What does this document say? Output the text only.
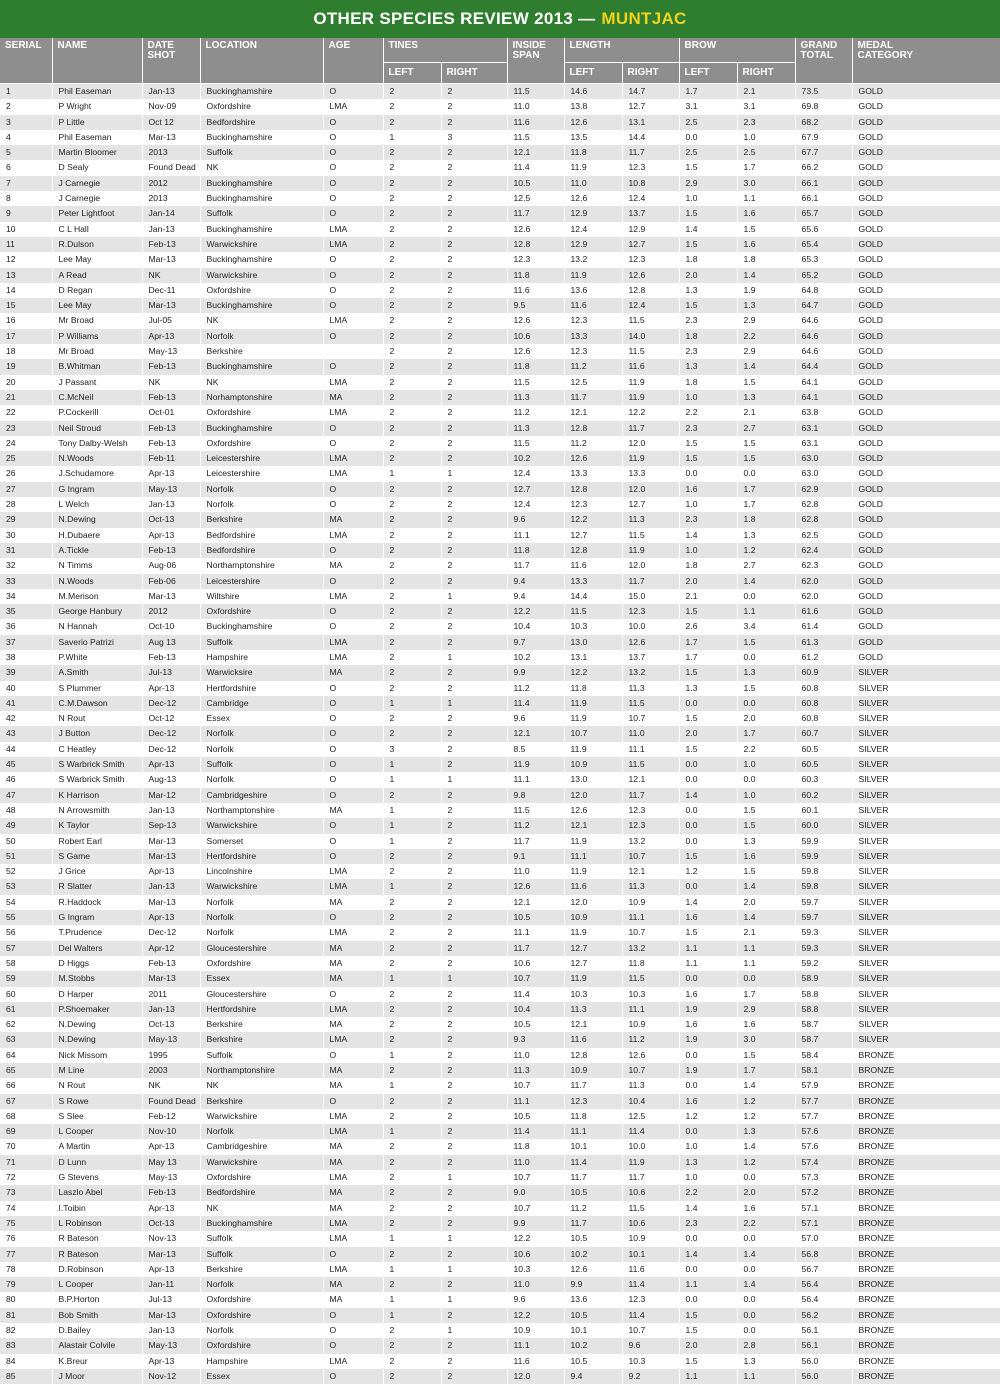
OTHER SPECIES REVIEW 2013 — MUNTJAC
SERIAL	NAME	DATE
SHOT	LOCATION	AGE	TINES		INSIDE
SPAN	LENGTH		BROW		GRAND
TOTAL	MEDAL
CATEGORY
					LEFT	RIGHT		LEFT	RIGHT	LEFT	RIGHT		
1	Phil Easeman	Jan-13	Buckinghamshire	O	2	2	11.5	14.6	14.7	1.7	2.1	73.5	GOLD
2	P Wright	Nov-09	Oxfordshire	LMA	2	2	11.0	13.8	12.7	3.1	3.1	69.8	GOLD
3	P Little	Oct 12	Bedfordshire	O	2	2	11.6	12.6	13.1	2.5	2.3	68.2	GOLD
4	Phil Easeman	Mar-13	Buckinghamshire	O	1	3	11.5	13.5	14.4	0.0	1.0	67.9	GOLD
5	Martin Bloomer	2013	Suffolk	O	2	2	12.1	11.8	11.7	2.5	2.5	67.7	GOLD
6	D Sealy	Found Dead	NK	O	2	2	11.4	11.9	12.3	1.5	1.7	66.2	GOLD
7	J Carnegie	2012	Buckinghamshire	O	2	2	10.5	11.0	10.8	2.9	3.0	66.1	GOLD
8	J Carnegie	2013	Buckinghamshire	O	2	2	12.5	12.6	12.4	1.0	1.1	66.1	GOLD
9	Peter Lightfoot	Jan-14	Suffolk	O	2	2	11.7	12.9	13.7	1.5	1.6	65.7	GOLD
10	C L Hall	Jan-13	Buckinghamshire	LMA	2	2	12.6	12.4	12.9	1.4	1.5	65.6	GOLD
11	R.Dulson	Feb-13	Warwickshire	LMA	2	2	12.8	12.9	12.7	1.5	1.6	65.4	GOLD
12	Lee May	Mar-13	Buckinghamshire	O	2	2	12.3	13.2	12.3	1.8	1.8	65.3	GOLD
13	A Read	NK	Warwickshire	O	2	2	11.8	11.9	12.6	2.0	1.4	65.2	GOLD
14	D Regan	Dec-11	Oxfordshire	O	2	2	11.6	13.6	12.8	1.3	1.9	64.8	GOLD
15	Lee May	Mar-13	Buckinghamshire	O	2	2	9.5	11.6	12.4	1.5	1.3	64.7	GOLD
16	Mr Broad	Jul-05	NK	LMA	2	2	12.6	12.3	11.5	2.3	2.9	64.6	GOLD
17	P Williams	Apr-13	Norfolk	O	2	2	10.6	13.3	14.0	1.8	2.2	64.6	GOLD
18	Mr Broad	May-13	Berkshire		2	2	12.6	12.3	11.5	2.3	2.9	64.6	GOLD
19	B.Whitman	Feb-13	Buckinghamshire	O	2	2	11.8	11.2	11.6	1.3	1.4	64.4	GOLD
20	J Passant	NK	NK	LMA	2	2	11.5	12.5	11.9	1.8	1.5	64.1	GOLD
21	C.McNeil	Feb-13	Norhamptonshire	MA	2	2	11.3	11.7	11.9	1.0	1.3	64.1	GOLD
22	P.Cockerill	Oct-01	Oxfordshire	LMA	2	2	11.2	12.1	12.2	2.2	2.1	63.8	GOLD
23	Neil Stroud	Feb-13	Buckinghamshire	O	2	2	11.3	12.8	11.7	2.3	2.7	63.1	GOLD
24	Tony Dalby-Welsh	Feb-13	Oxfordshire	O	2	2	11.5	11.2	12.0	1.5	1.5	63.1	GOLD
25	N.Woods	Feb-11	Leicestershire	LMA	2	2	10.2	12.6	11.9	1.5	1.5	63.0	GOLD
26	J.Schudamore	Apr-13	Leicestershire	LMA	1	1	12.4	13.3	13.3	0.0	0.0	63.0	GOLD
27	G Ingram	May-13	Norfolk	O	2	2	12.7	12.8	12.0	1.6	1.7	62.9	GOLD
28	L Welch	Jan-13	Norfolk	O	2	2	12.4	12.3	12.7	1.0	1.7	62.8	GOLD
29	N.Dewing	Oct-13	Berkshire	MA	2	2	9.6	12.2	11.3	2.3	1.8	62.8	GOLD
30	H.Dubaere	Apr-13	Bedfordshire	LMA	2	2	11.1	12.7	11.5	1.4	1.3	62.5	GOLD
31	A.Tickle	Feb-13	Bedfordshire	O	2	2	11.8	12.8	11.9	1.0	1.2	62.4	GOLD
32	N Timms	Aug-06	Northamptonshire	MA	2	2	11.7	11.6	12.0	1.8	2.7	62.3	GOLD
33	N.Woods	Feb-06	Leicestershire	O	2	2	9.4	13.3	11.7	2.0	1.4	62.0	GOLD
34	M.Merison	Mar-13	Wiltshire	LMA	2	1	9.4	14.4	15.0	2.1	0.0	62.0	GOLD
35	George Hanbury	2012	Oxfordshire	O	2	2	12.2	11.5	12.3	1.5	1.1	61.6	GOLD
36	N Hannah	Oct-10	Buckinghamshire	O	2	2	10.4	10.3	10.0	2.6	3.4	61.4	GOLD
37	Saverio Patrizi	Aug 13	Suffolk	LMA	2	2	9.7	13.0	12.6	1.7	1.5	61.3	GOLD
38	P.White	Feb-13	Hampshire	LMA	2	1	10.2	13.1	13.7	1.7	0.0	61.2	GOLD
39	A.Smith	Jul-13	Warwicksire	MA	2	2	9.9	12.2	13.2	1.5	1.3	60.9	SILVER
40	S Plummer	Apr-13	Hertfordshire	O	2	2	11.2	11.8	11.3	1.3	1.5	60.8	SILVER
41	C.M.Dawson	Dec-12	Cambridge	O	1	1	11.4	11.9	11.5	0.0	0.0	60.8	SILVER
42	N Rout	Oct-12	Essex	O	2	2	9.6	11.9	10.7	1.5	2.0	60.8	SILVER
43	J Button	Dec-12	Norfolk	O	2	2	12.1	10.7	11.0	2.0	1.7	60.7	SILVER
44	C Heatley	Dec-12	Norfolk	O	3	2	8.5	11.9	11.1	1.5	2.2	60.5	SILVER
45	S Warbrick Smith	Apr-13	Suffolk	O	1	2	11.9	10.9	11.5	0.0	1.0	60.5	SILVER
46	S Warbrick Smith	Aug-13	Norfolk	O	1	1	11.1	13.0	12.1	0.0	0.0	60.3	SILVER
47	K Harrison	Mar-12	Cambridgeshire	O	2	2	9.8	12.0	11.7	1.4	1.0	60.2	SILVER
48	N Arrowsmith	Jan-13	Northamptonshire	MA	1	2	11.5	12.6	12.3	0.0	1.5	60.1	SILVER
49	K Taylor	Sep-13	Warwickshire	O	1	2	11.2	12.1	12.3	0.0	1.5	60.0	SILVER
50	Robert Earl	Mar-13	Somerset	O	1	2	11.7	11.9	13.2	0.0	1.3	59.9	SILVER
51	S Game	Mar-13	Hertfordshire	O	2	2	9.1	11.1	10.7	1.5	1.6	59.9	SILVER
52	J Grice	Apr-13	Lincolnshire	LMA	2	2	11.0	11.9	12.1	1.2	1.5	59.8	SILVER
53	R Slatter	Jan-13	Warwickshire	LMA	1	2	12.6	11.6	11.3	0.0	1.4	59.8	SILVER
54	R.Haddock	Mar-13	Norfolk	MA	2	2	12.1	12.0	10.9	1.4	2.0	59.7	SILVER
55	G Ingram	Apr-13	Norfolk	O	2	2	10.5	10.9	11.1	1.6	1.4	59.7	SILVER
56	T.Prudence	Dec-12	Norfolk	LMA	2	2	11.1	11.9	10.7	1.5	2.1	59.3	SILVER
57	Del Walters	Apr-12	Gloucestershire	MA	2	2	11.7	12.7	13.2	1.1	1.1	59.3	SILVER
58	D Higgs	Feb-13	Oxfordshire	MA	2	2	10.6	12.7	11.8	1.1	1.1	59.2	SILVER
59	M.Stobbs	Mar-13	Essex	MA	1	1	10.7	11.9	11.5	0.0	0.0	58.9	SILVER
60	D Harper	2011	Gloucestershire	O	2	2	11.4	10.3	10.3	1.6	1.7	58.8	SILVER
61	P.Shoemaker	Jan-13	Hertfordshire	LMA	2	2	10.4	11.3	11.1	1.9	2.9	58.8	SILVER
62	N.Dewing	Oct-13	Berkshire	MA	2	2	10.5	12.1	10.9	1.6	1.6	58.7	SILVER
63	N.Dewing	May-13	Berkshire	LMA	2	2	9.3	11.6	11.2	1.9	3.0	58.7	SILVER
64	Nick Missom	1995	Suffolk	O	1	2	11.0	12.8	12.6	0.0	1.5	58.4	BRONZE
65	M Line	2003	Northamptonshire	MA	2	2	11.3	10.9	10.7	1.9	1.7	58.1	BRONZE
66	N Rout	NK	NK	MA	1	2	10.7	11.7	11.3	0.0	1.4	57.9	BRONZE
67	S Rowe	Found Dead	Berkshire	O	2	2	11.1	12.3	10.4	1.6	1.2	57.7	BRONZE
68	S Slee	Feb-12	Warwickshire	LMA	2	2	10.5	11.8	12.5	1.2	1.2	57.7	BRONZE
69	L Cooper	Nov-10	Norfolk	LMA	1	2	11.4	11.1	11.4	0.0	1.3	57.6	BRONZE
70	A Martin	Apr-13	Cambridgeshire	MA	2	2	11.8	10.1	10.0	1.0	1.4	57.6	BRONZE
71	D Lunn	May 13	Warwickshire	MA	2	2	11.0	11.4	11.9	1.3	1.2	57.4	BRONZE
72	G Stevens	May-13	Oxfordshire	LMA	2	1	10.7	11.7	11.7	1.0	0.0	57.3	BRONZE
73	Laszlo Abel	Feb-13	Bedfordshire	MA	2	2	9.0	10.5	10.6	2.2	2.0	57.2	BRONZE
74	I.Toibin	Apr-13	NK	MA	2	2	10.7	11.2	11.5	1.4	1.6	57.1	BRONZE
75	L Robinson	Oct-13	Buckinghamshire	LMA	2	2	9.9	11.7	10.6	2.3	2.2	57.1	BRONZE
76	R Bateson	Nov-13	Suffolk	LMA	1	1	12.2	10.5	10.9	0.0	0.0	57.0	BRONZE
77	R Bateson	Mar-13	Suffolk	O	2	2	10.6	10.2	10.1	1.4	1.4	56.8	BRONZE
78	D.Robinson	Apr-13	Berkshire	LMA	1	1	10.3	12.6	11.6	0.0	0.0	56.7	BRONZE
79	L Cooper	Jan-11	Norfolk	MA	2	2	11.0	9.9	11.4	1.1	1.4	56.4	BRONZE
80	B.P.Horton	Jul-13	Oxfordshire	MA	1	1	9.6	13.6	12.3	0.0	0.0	56.4	BRONZE
81	Bob Smith	Mar-13	Oxfordshire	O	1	2	12.2	10.5	11.4	1.5	0.0	56.2	BRONZE
82	D.Bailey	Jan-13	Norfolk	O	2	1	10.9	10.1	10.7	1.5	0.0	56.1	BRONZE
83	Alastair Colvile	May-13	Oxfordshire	O	2	2	11.1	10.2	9.6	2.0	2.8	56.1	BRONZE
84	K.Breur	Apr-13	Hampshire	LMA	2	2	11.6	10.5	10.3	1.5	1.3	56.0	BRONZE
85	J Moor	Nov-12	Essex	O	2	2	12.0	9.4	9.2	1.1	1.1	56.0	BRONZE
